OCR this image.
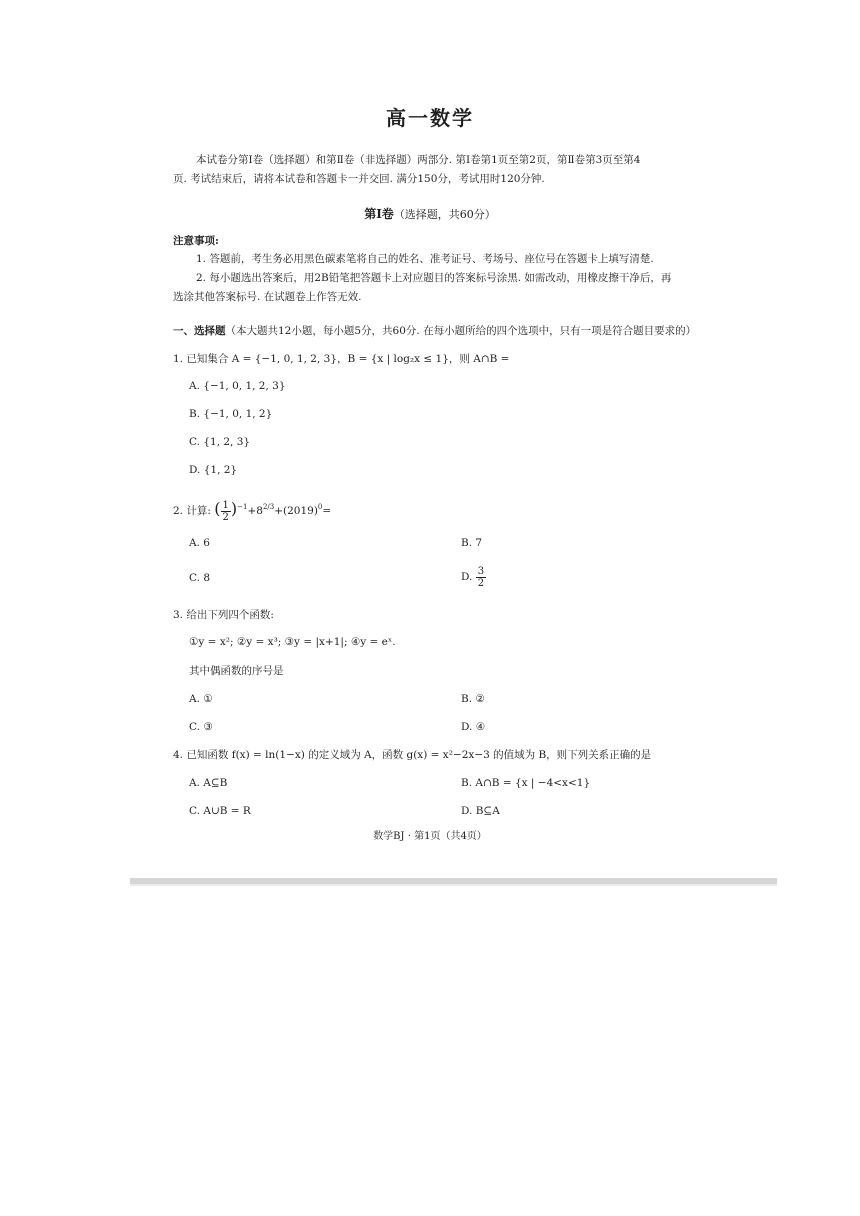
高一数学
本试卷分第Ⅰ卷（选择题）和第Ⅱ卷（非选择题）两部分. 第Ⅰ卷第1页至第2页，第Ⅱ卷第3页至第4
页. 考试结束后，请将本试卷和答题卡一并交回. 满分150分，考试用时120分钟.
第Ⅰ卷（选择题，共60分）
注意事项:
1. 答题前，考生务必用黑色碳素笔将自己的姓名、准考证号、考场号、座位号在答题卡上填写清楚.
2. 每小题选出答案后，用2B铅笔把答题卡上对应题目的答案标号涂黑. 如需改动，用橡皮擦干净后，再
选涂其他答案标号. 在试题卷上作答无效.
一、选择题（本大题共12小题，每小题5分，共60分. 在每小题所给的四个选项中，只有一项是符合题目要求的）
1. 已知集合 A = {−1, 0, 1, 2, 3}，B = {x | log₂x ≤ 1}，则 A∩B =
A. {−1, 0, 1, 2, 3}
B. {−1, 0, 1, 2}
C. {1, 2, 3}
D. {1, 2}
2. 计算: ( $\frac{1}{2} )^{-1}+8^{2/3}+(2019)^0=$
A. 6	B. 7
C. 8	D. $\frac{3}{2}$
3. 给出下列四个函数:
①y = x²; ②y = x³; ③y = |x+1|; ④y = eˣ.
其中偶函数的序号是
A. ①	B. ②
C. ③	D. ④
4. 已知函数 f(x) = ln(1−x) 的定义域为 A，函数 g(x) = x²−2x−3 的值域为 B，则下列关系正确的是
A. A⊆B	B. A∩B = {x | −4<x<1}
C. A∪B = R	D. B⊆A
数学BJ · 第1页（共4页）
